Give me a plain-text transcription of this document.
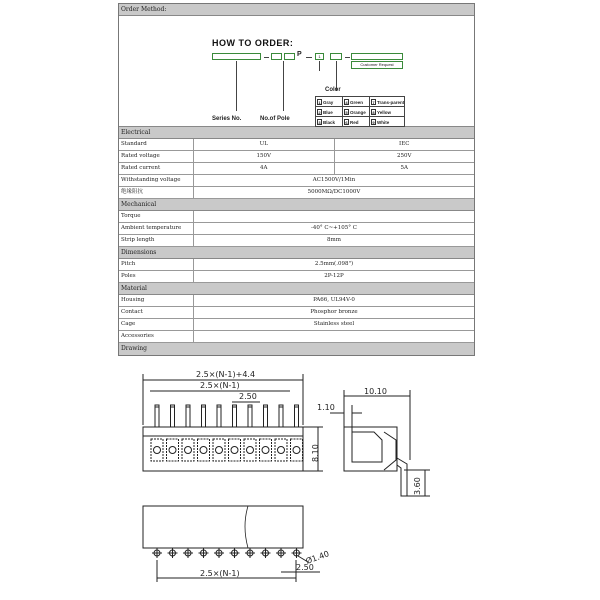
Order Method:
HOW TO ORDER:
P	1
Customer Request
Series No.	No.of Pole
Color
1 Gray	4 Green	7 Trans-parent
2 Blue	5 Orange	8 Yellow
3 Black	6 Red	9 White
Electrical
Standard	UL	IEC
Rated voltage	150V	250V
Rated current	4A	5A
Withstanding voltage	AC1500V/1Min
绝缘阻抗	5000MΩ/DC1000V
Mechanical
Torque
Ambient temperature	-40° C~+105° C
Strip length	8mm
Dimensions
Pitch	2.5mm(.098")
Poles	2P-12P
Material
Housing	PA66, UL94V-0
Contact	Phosphor bronze
Cage	Stainless steel
Accessories
Drawing
2.5×(N-1)+4.4
2.5×(N-1)
2.50
10.10
1.10
8.10
3.60
Ø1.40
2.5×(N-1)
2.50
